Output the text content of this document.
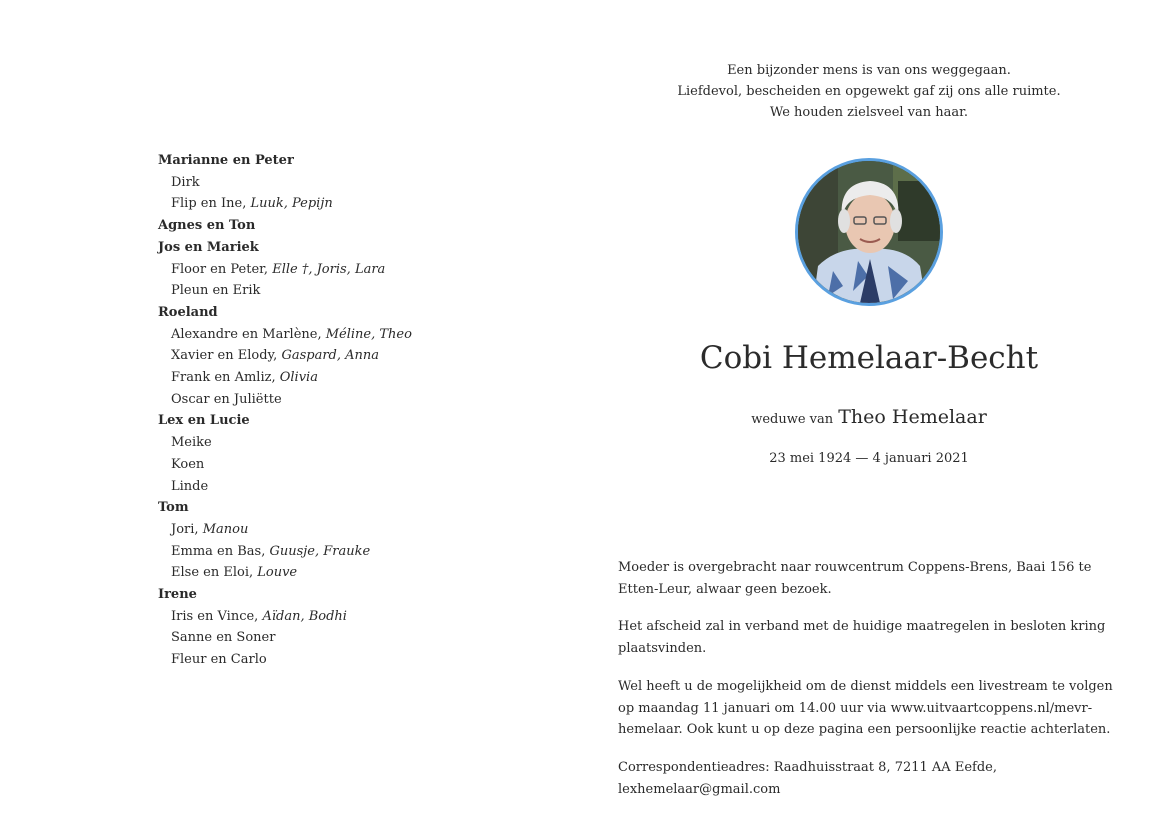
Marianne en Peter
Dirk
Flip en Ine, Luuk, Pepijn
Agnes en Ton
Jos en Mariek
Floor en Peter, Elle †, Joris, Lara
Pleun en Erik
Roeland
Alexandre en Marlène, Méline, Theo
Xavier en Elody, Gaspard, Anna
Frank en Amliz, Olivia
Oscar en Juliëtte
Lex en Lucie
Meike
Koen
Linde
Tom
Jori, Manou
Emma en Bas, Guusje, Frauke
Else en Eloi, Louve
Irene
Iris en Vince, Aïdan, Bodhi
Sanne en Soner
Fleur en Carlo
Een bijzonder mens is van ons weggegaan.
Liefdevol, bescheiden en opgewekt gaf zij ons alle ruimte.
We houden zielsveel van haar.
Cobi Hemelaar-Becht
weduwe van Theo Hemelaar
23 mei 1924 — 4 januari 2021

Moeder is overgebracht naar rouwcentrum Coppens-Brens, Baai 156 te Etten-Leur, alwaar geen bezoek.

Het afscheid zal in verband met de huidige maatregelen in besloten kring plaatsvinden.

Wel heeft u de mogelijkheid om de dienst middels een livestream te volgen op maandag 11 januari om 14.00 uur via www.uitvaartcoppens.nl/mevr-hemelaar. Ook kunt u op deze pagina een persoonlijke reactie achterlaten.

Correspondentieadres: Raadhuisstraat 8, 7211 AA Eefde, lexhemelaar@gmail.com
